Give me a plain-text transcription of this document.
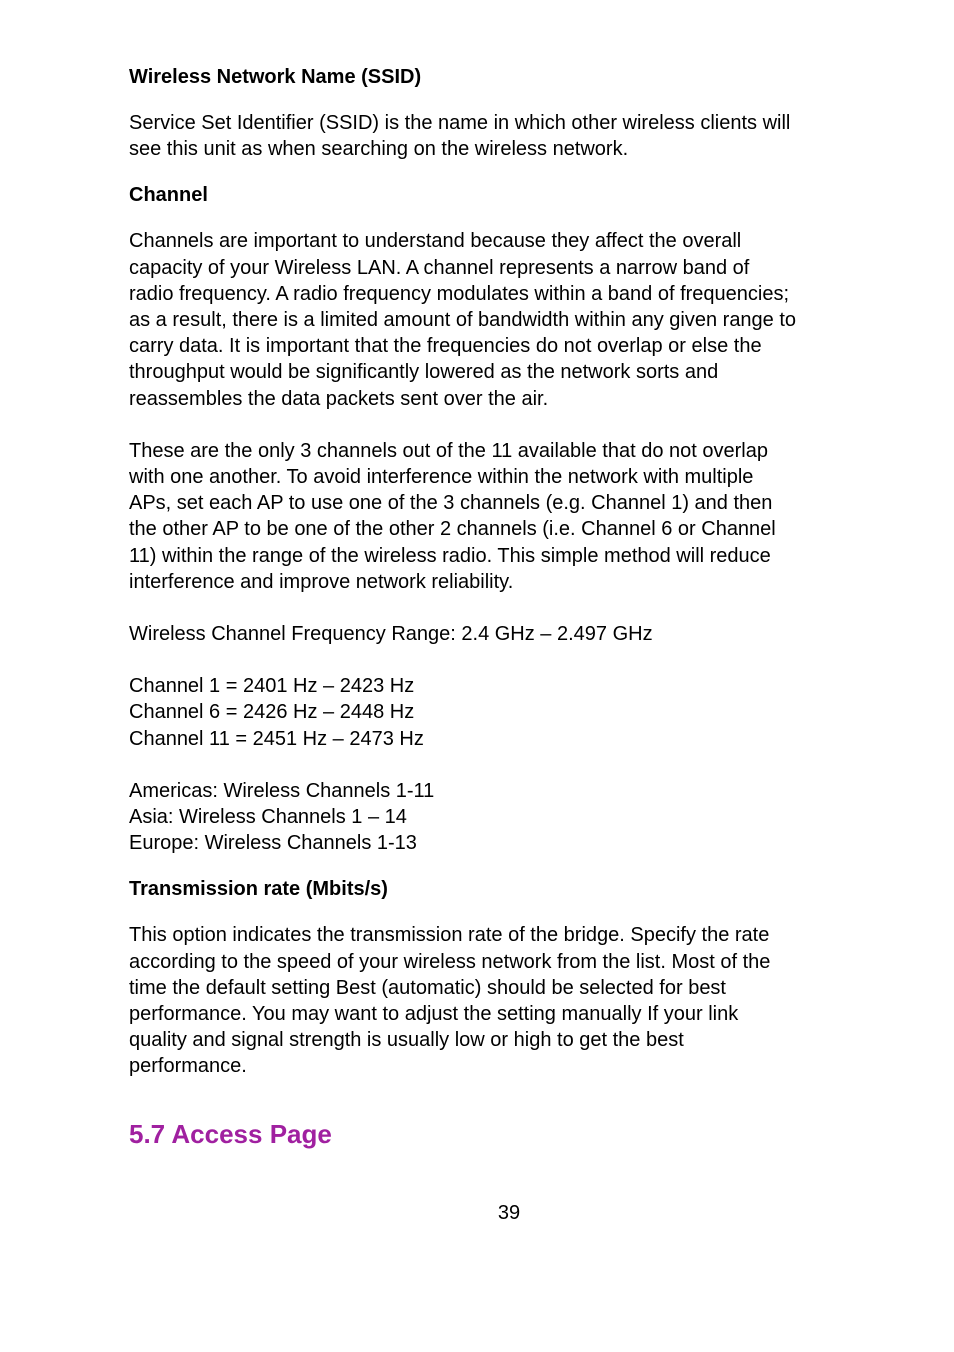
Wireless Network Name (SSID)
Service Set Identifier (SSID) is the name in which other wireless clients will
see this unit as when searching on the wireless network.
Channel
Channels are important to understand because they affect the overall
capacity of your Wireless LAN. A channel represents a narrow band of
radio frequency. A radio frequency modulates within a band of frequencies;
as a result, there is a limited amount of bandwidth within any given range to
carry data. It is important that the frequencies do not overlap or else the
throughput would be significantly lowered as the network sorts and
reassembles the data packets sent over the air.
These are the only 3 channels out of the 11 available that do not overlap
with one another. To avoid interference within the network with multiple
APs, set each AP to use one of the 3 channels (e.g. Channel 1) and then
the other AP to be one of the other 2 channels (i.e. Channel 6 or Channel
11) within the range of the wireless radio. This simple method will reduce
interference and improve network reliability.
Wireless Channel Frequency Range: 2.4 GHz – 2.497 GHz
Channel 1 = 2401 Hz – 2423 Hz
Channel 6 = 2426 Hz – 2448 Hz
Channel 11 = 2451 Hz – 2473 Hz
Americas: Wireless Channels 1-11
Asia: Wireless Channels 1 – 14
Europe: Wireless Channels 1-13
Transmission rate (Mbits/s)
This option indicates the transmission rate of the bridge. Specify the rate
according to the speed of your wireless network from the list. Most of the
time the default setting Best (automatic) should be selected for best
performance. You may want to adjust the setting manually If your link
quality and signal strength is usually low or high to get the best
performance.
5.7 Access Page
39
